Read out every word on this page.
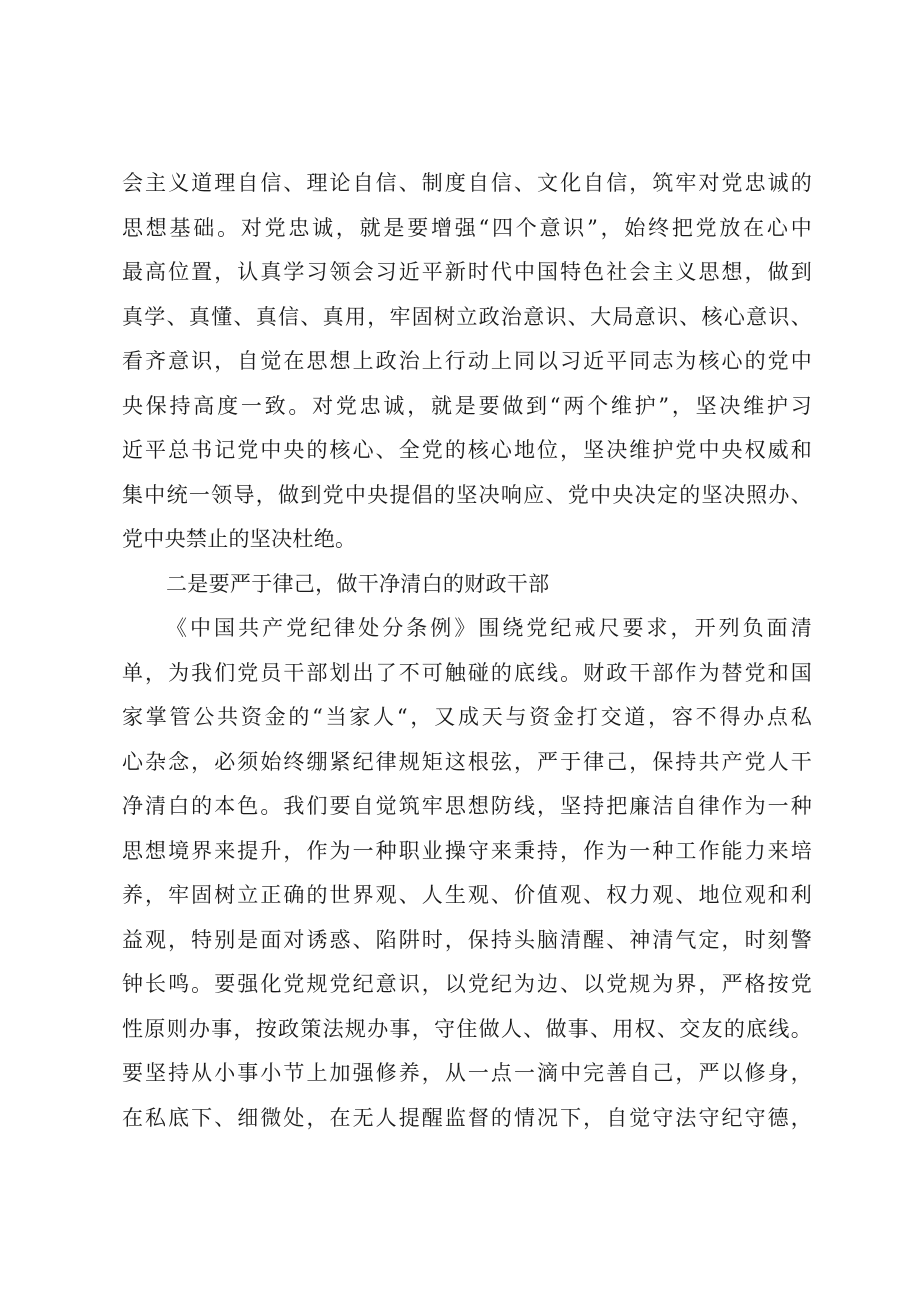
会主义道理自信、理论自信、制度自信、文化自信，筑牢对党忠诚的
思想基础。对党忠诚，就是要增强“四个意识”，始终把党放在心中
最高位置，认真学习领会习近平新时代中国特色社会主义思想，做到
真学、真懂、真信、真用，牢固树立政治意识、大局意识、核心意识、
看齐意识，自觉在思想上政治上行动上同以习近平同志为核心的党中
央保持高度一致。对党忠诚，就是要做到“两个维护”，坚决维护习
近平总书记党中央的核心、全党的核心地位，坚决维护党中央权威和
集中统一领导，做到党中央提倡的坚决响应、党中央决定的坚决照办、
党中央禁止的坚决杜绝。
二是要严于律己，做干净清白的财政干部
《中国共产党纪律处分条例》围绕党纪戒尺要求，开列负面清
单，为我们党员干部划出了不可触碰的底线。财政干部作为替党和国
家掌管公共资金的“当家人“，又成天与资金打交道，容不得办点私
心杂念，必须始终绷紧纪律规矩这根弦，严于律己，保持共产党人干
净清白的本色。我们要自觉筑牢思想防线，坚持把廉洁自律作为一种
思想境界来提升，作为一种职业操守来秉持，作为一种工作能力来培
养，牢固树立正确的世界观、人生观、价值观、权力观、地位观和利
益观，特别是面对诱惑、陷阱时，保持头脑清醒、神清气定，时刻警
钟长鸣。要强化党规党纪意识，以党纪为边、以党规为界，严格按党
性原则办事，按政策法规办事，守住做人、做事、用权、交友的底线。
要坚持从小事小节上加强修养，从一点一滴中完善自己，严以修身，
在私底下、细微处，在无人提醒监督的情况下，自觉守法守纪守德，
